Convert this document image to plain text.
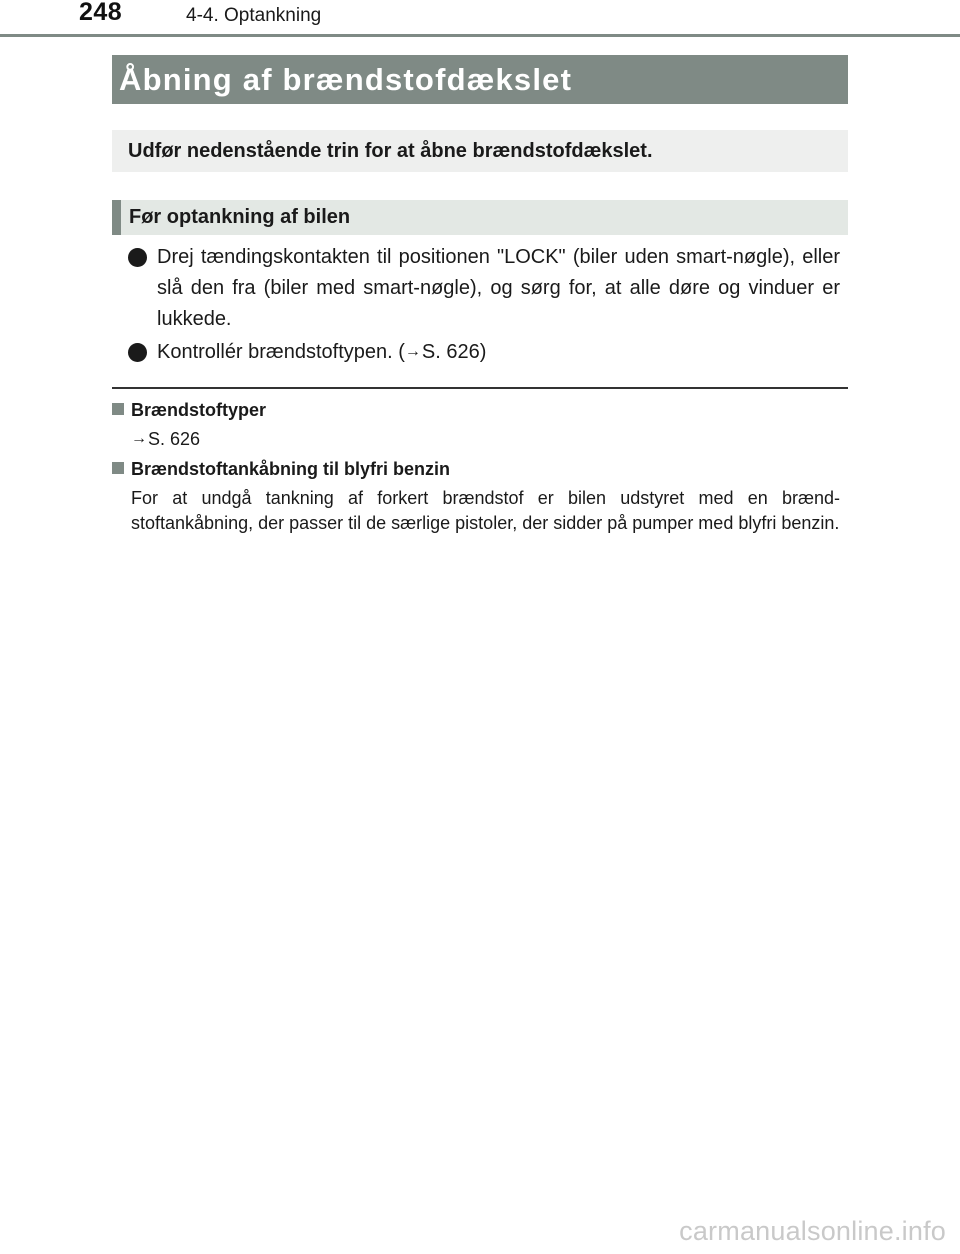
248	4-4. Optankning
Åbning af brændstofdækslet
Udfør nedenstående trin for at åbne brændstofdækslet.
Før optankning af bilen
Drej tændingskontakten til positionen "LOCK" (biler uden smart-nøgle), eller slå den fra (biler med smart-nøgle), og sørg for, at alle døre og vinduer er lukkede.
Kontrollér brændstoftypen. (→S. 626)
Brændstoftyper
→S. 626
Brændstoftankåbning til blyfri benzin
For at undgå tankning af forkert brændstof er bilen udstyret med en brænd-stoftankåbning, der passer til de særlige pistoler, der sidder på pumper med blyfri benzin.
carmanualsonline.info
